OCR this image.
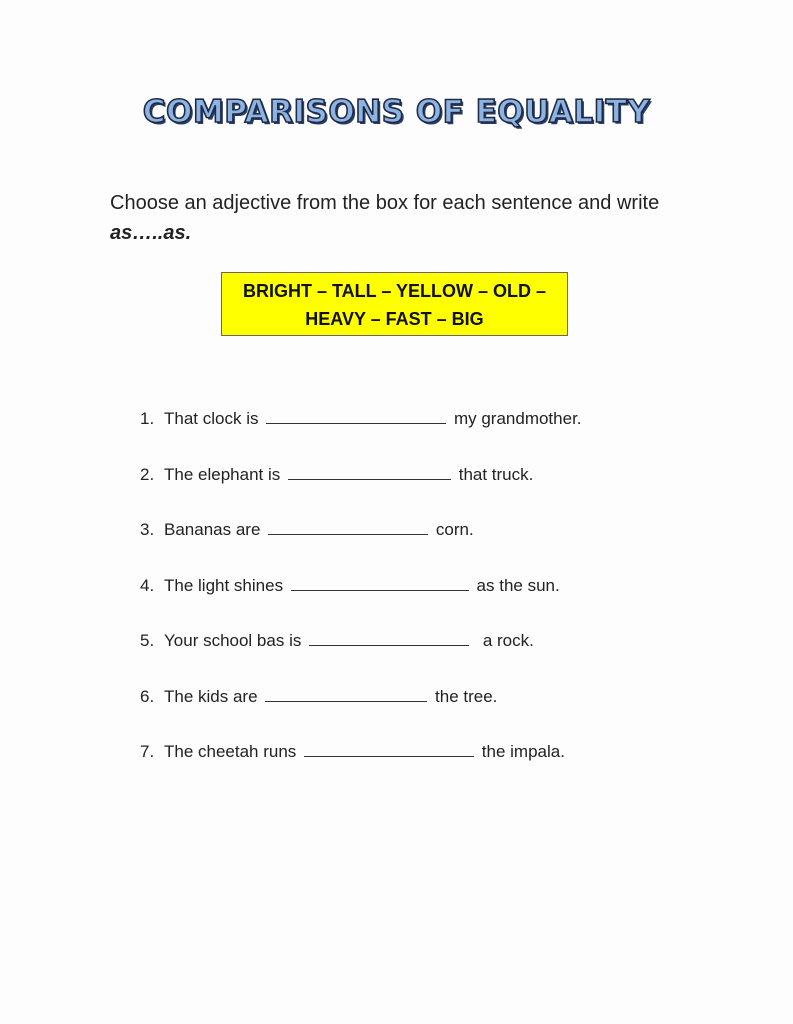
COMPARISONS OF EQUALITY
Choose an adjective from the box for each sentence and write as…..as.
BRIGHT – TALL – YELLOW – OLD –
HEAVY – FAST – BIG
1. That clock is	my grandmother.
2. The elephant is	that truck.
3. Bananas are	corn.
4. The light shines	as the sun.
5. Your school bas is	a rock.
6. The kids are	the tree.
7. The cheetah runs	the impala.
